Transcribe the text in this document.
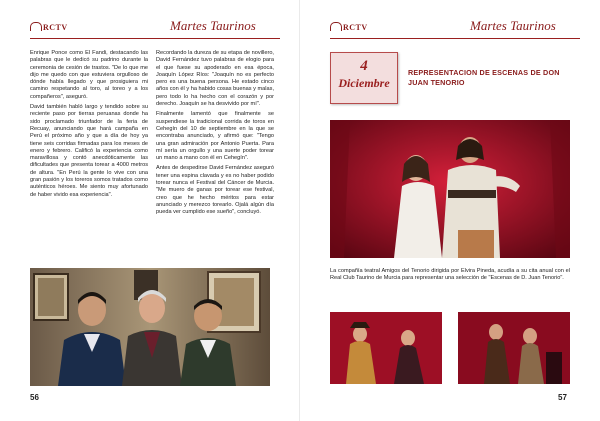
RCTV	Martes Taurinos

Enrique Ponce como El Fandi, destacando las palabras que le dedicó su padrino durante la ceremonia de cesión de trastos. "De lo que me dijo me quedo con que estuviera orgulloso de dónde había llegado y que prosiguiera mi camino respetando al toro, al toreo y a los compañeros", aseguró.

David también habló largo y tendido sobre su reciente paso por tierras peruanas donde ha sido proclamado triunfador de la feria de Recuay, anunciando que hará campaña en Perú el próximo año y que a día de hoy ya tiene seis corridas firmadas para los meses de enero y febrero. Calificó la experiencia como maravillosa y contó anecdóticamente las dificultades que presenta torear a 4000 metros de altura. "En Perú la gente lo vive con una gran pasión y los toreros somos tratados como auténticos héroes. Me siento muy afortunado de haber vivido esa experiencia".

Recordando la dureza de su etapa de novillero, David Fernández tuvo palabras de elogio para el que fuese su apoderado en esa época, Joaquín López Ríos: "Joaquín no es perfecto pero es una buena persona. He estado cinco años con él y ha habido cosas buenas y malas, pero todo lo ha hecho con el corazón y por derecho. Joaquín se ha desvivido por mí".

Finalmente lamentó que finalmente se suspendiese la tradicional corrida de toros en Cehegín del 10 de septiembre en la que se encontraba anunciado, y afirmó que: "Tengo una gran admiración por Antonio Puerta. Para mí sería un orgullo y una suerte poder torear un mano a mano con él en Cehegín".

Antes de despedirse David Fernández aseguró tener una espina clavada y es no haber podido torear nunca el Festival del Cáncer de Murcia. "Me muero de ganas por torear ese festival, creo que he hecho méritos para estar anunciado y merezco torearlo. Ojalá algún día pueda ver cumplido ese sueño", concluyó.

56
RCTV	Martes Taurinos
4
Diciembre
REPRESENTACION DE ESCENAS DE DON JUAN TENORIO
La compañía teatral Amigos del Tenorio dirigida por Elvira Pineda, acudía a su cita anual con el Real Club Taurino de Murcia para representar una selección de "Escenas de D. Juan Tenorio".
57
